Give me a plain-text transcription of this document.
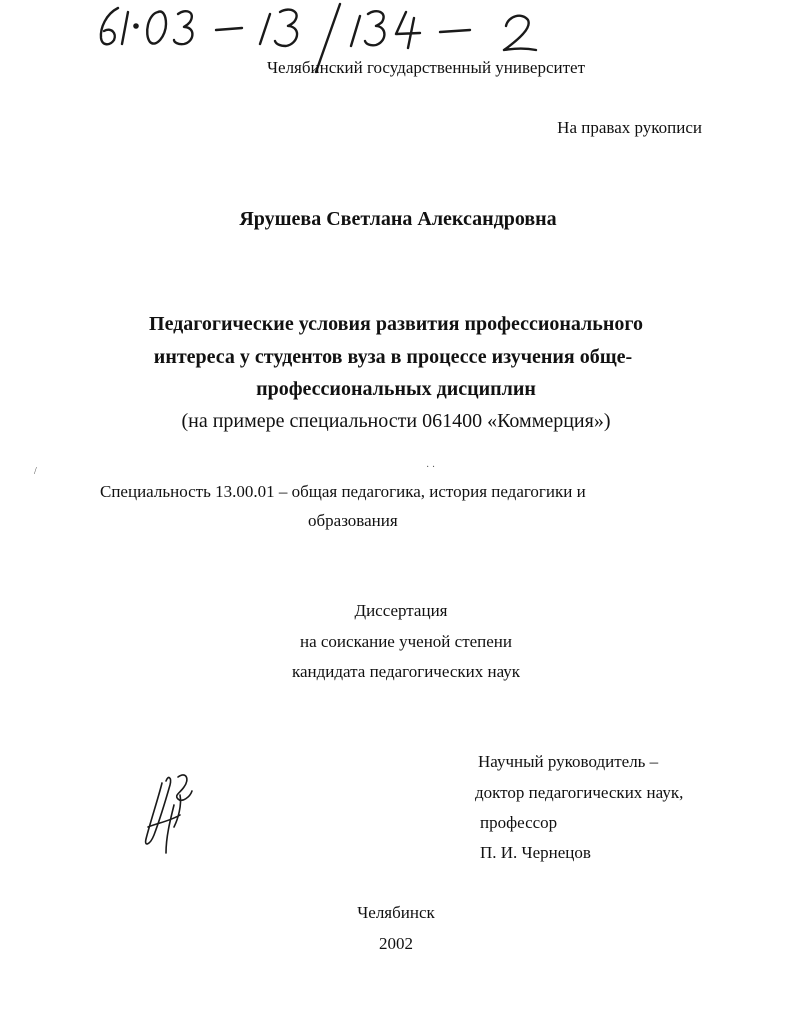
Челябинский государственный университет
На правах рукописи
Ярушева Светлана Александровна
Педагогические условия развития профессионального
интереса у студентов вуза в процессе изучения обще-
профессиональных дисциплин
(на примере специальности 061400 «Коммерция»)
/	· ·
Специальность 13.00.01 – общая педагогика, история педагогики и
образования
Диссертация
на соискание ученой степени
кандидата педагогических наук
Научный руководитель –
доктор педагогических наук,
профессор
П. И. Чернецов
Челябинск
2002
